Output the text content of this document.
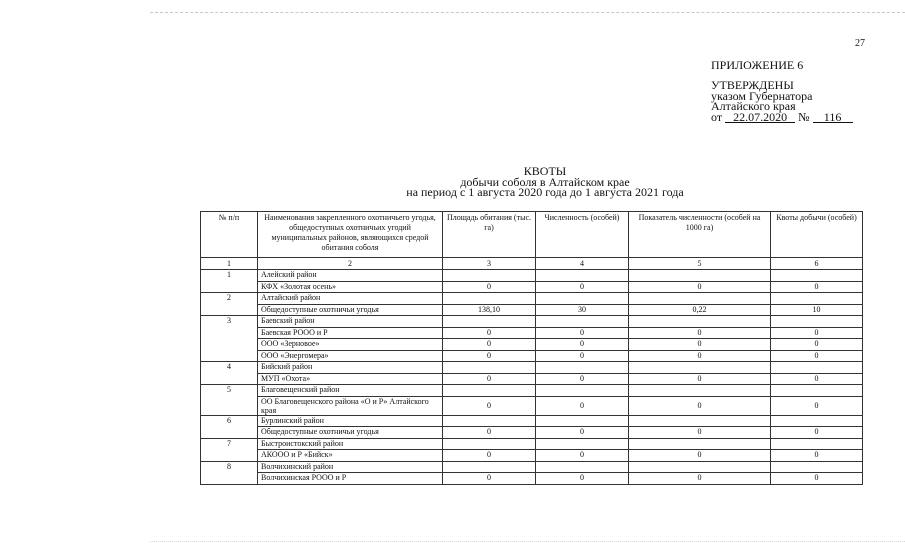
27
ПРИЛОЖЕНИЕ 6
УТВЕРЖДЕНЫ
указом Губернатора
Алтайского края
от 22.07.2020 № 116
КВОТЫ
добычи соболя в Алтайском крае
на период с 1 августа 2020 года до 1 августа 2021 года
№ п/п	Наименования закрепленного охотничьего угодья, общедоступных охотничьих угодий муниципальных районов, являющихся средой обитания соболя	Площадь обитания (тыс. га)	Численность (особей)	Показатель численности (особей на 1000 га)	Квоты добычи (особей)
1	2	3	4	5	6
1	Алейский район				
	КФХ «Золотая осень»	0	0	0	0
2	Алтайский район				
	Общедоступные охотничьи угодья	138,10	30	0,22	10
3	Баевский район				
	Баевская РООО и Р	0	0	0	0
	ООО «Зерновое»	0	0	0	0
	ООО «Энергомера»	0	0	0	0
4	Бийский район				
	МУП «Охота»	0	0	0	0
5	Благовещенский район				
	ОО Благовещенского района «О и Р» Алтайского края	0	0	0	0
6	Бурлинский район				
	Общедоступные охотничьи угодья	0	0	0	0
7	Быстроистокский район				
	АКООО и Р «Бийск»	0	0	0	0
8	Волчихинский район				
	Волчихинская РООО и Р	0	0	0	0
